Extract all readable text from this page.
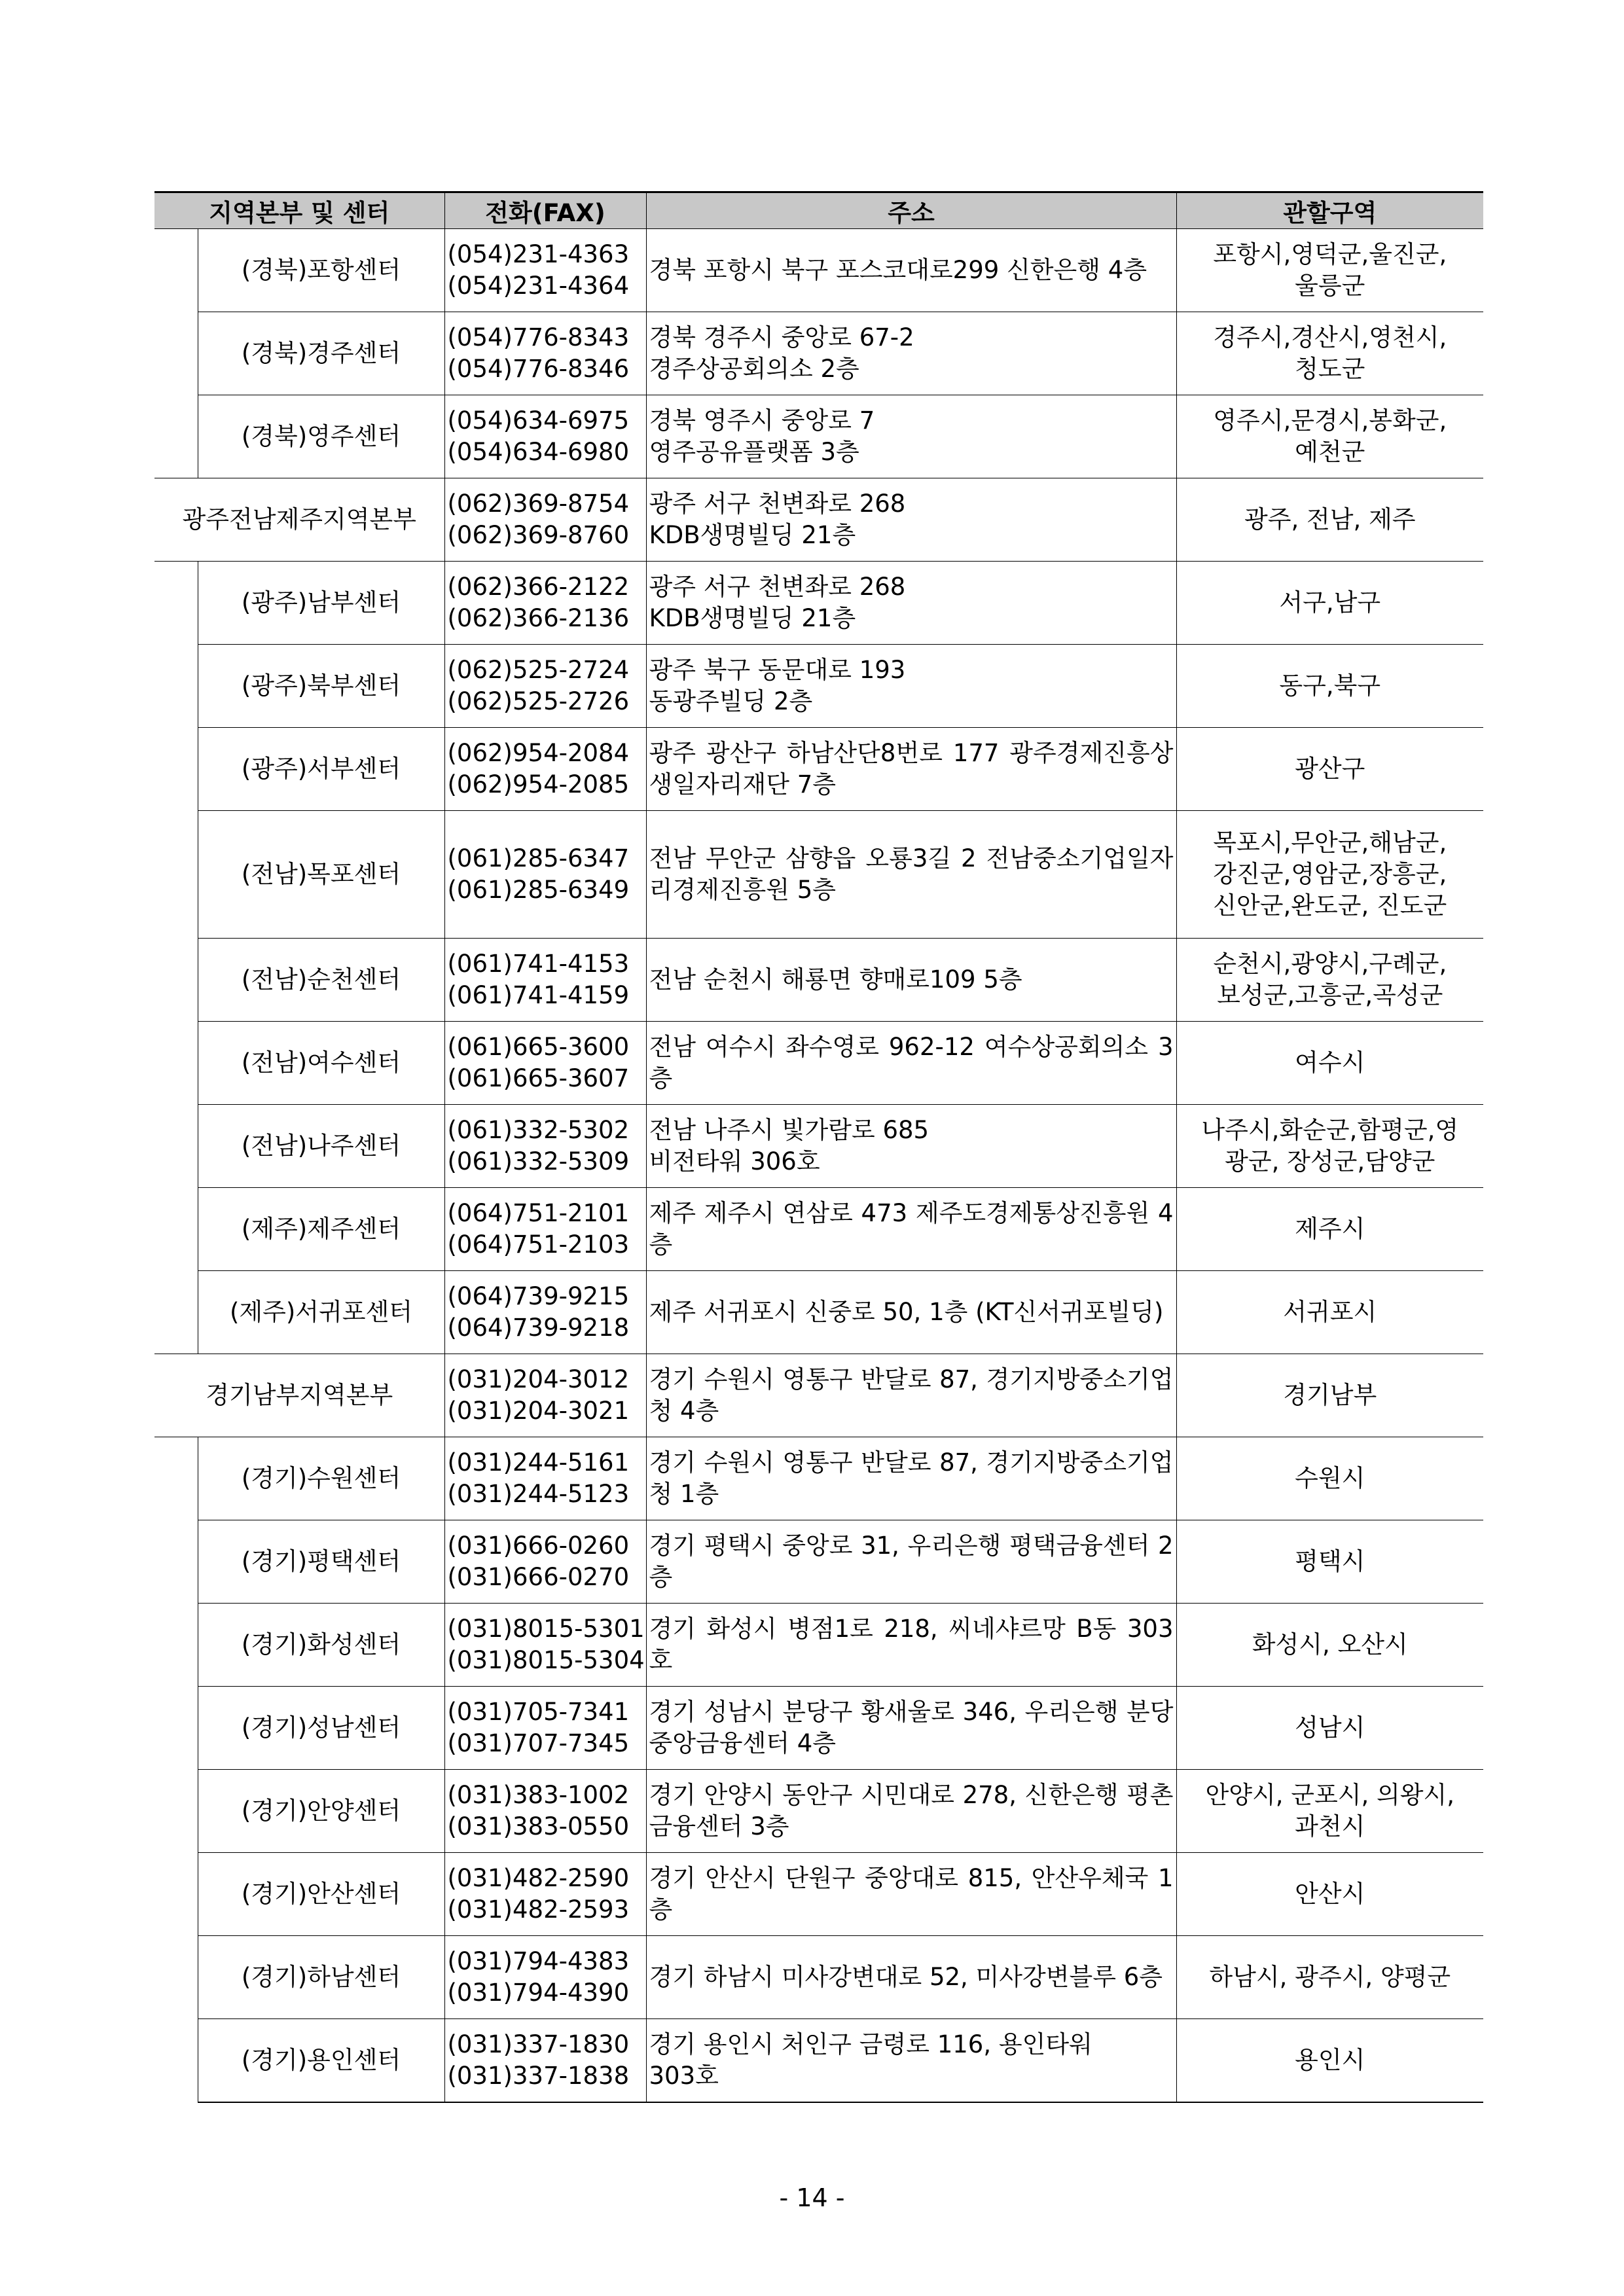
지역본부 및 센터		전화(FAX)	주소	관할구역
	(경북)포항센터	(054)231-4363
(054)231-4364	경북 포항시 북구 포스코대로299 신한은행 4층	포항시,영덕군,울진군,
울릉군

	(경북)경주센터	(054)776-8343
(054)776-8346	경북 경주시 중앙로 67-2
경주상공회의소 2층	경주시,경산시,영천시,
청도군

	(경북)영주센터	(054)634-6975
(054)634-6980	경북 영주시 중앙로 7
영주공유플랫폼 3층	영주시,문경시,봉화군,
예천군

광주전남제주지역본부		(062)369-8754
(062)369-8760	광주 서구 천변좌로 268
KDB생명빌딩 21층	광주, 전남, 제주

	(광주)남부센터	(062)366-2122
(062)366-2136	광주 서구 천변좌로 268
KDB생명빌딩 21층	서구,남구

	(광주)북부센터	(062)525-2724
(062)525-2726	광주 북구 동문대로 193
동광주빌딩 2층	동구,북구

	(광주)서부센터	(062)954-2084
(062)954-2085	광주 광산구 하남산단8번로 177 광주경제진흥상생일자리재단 7층	광산구

	(전남)목포센터	(061)285-6347
(061)285-6349	전남 무안군 삼향읍 오룡3길 2 전남중소기업일자리경제진흥원 5층	목포시,무안군,해남군,
강진군,영암군,장흥군,
신안군,완도군, 진도군

	(전남)순천센터	(061)741-4153
(061)741-4159	전남 순천시 해룡면 향매로109 5층	순천시,광양시,구례군,
보성군,고흥군,곡성군

	(전남)여수센터	(061)665-3600
(061)665-3607	전남 여수시 좌수영로 962-12 여수상공회의소 3층	여수시

	(전남)나주센터	(061)332-5302
(061)332-5309	전남 나주시 빛가람로 685
비전타워 306호	나주시,화순군,함평군,영
광군, 장성군,담양군

	(제주)제주센터	(064)751-2101
(064)751-2103	제주 제주시 연삼로 473 제주도경제통상진흥원 4층	제주시

	(제주)서귀포센터	(064)739-9215
(064)739-9218	제주 서귀포시 신중로 50, 1층 (KT신서귀포빌딩)	서귀포시

경기남부지역본부		(031)204-3012
(031)204-3021	경기 수원시 영통구 반달로 87, 경기지방중소기업청 4층	경기남부

	(경기)수원센터	(031)244-5161
(031)244-5123	경기 수원시 영통구 반달로 87, 경기지방중소기업청 1층	수원시

	(경기)평택센터	(031)666-0260
(031)666-0270	경기 평택시 중앙로 31, 우리은행 평택금융센터 2층	평택시

	(경기)화성센터	(031)8015-5301
(031)8015-5304	경기 화성시 병점1로 218, 씨네샤르망 B동 303호	화성시, 오산시

	(경기)성남센터	(031)705-7341
(031)707-7345	경기 성남시 분당구 황새울로 346, 우리은행 분당중앙금융센터 4층	성남시

	(경기)안양센터	(031)383-1002
(031)383-0550	경기 안양시 동안구 시민대로 278, 신한은행 평촌금융센터 3층	안양시, 군포시, 의왕시,
과천시

	(경기)안산센터	(031)482-2590
(031)482-2593	경기 안산시 단원구 중앙대로 815, 안산우체국 1층	안산시

	(경기)하남센터	(031)794-4383
(031)794-4390	경기 하남시 미사강변대로 52, 미사강변블루 6층	하남시, 광주시, 양평군

	(경기)용인센터	(031)337-1830
(031)337-1838	경기 용인시 처인구 금령로 116, 용인타워
303호	용인시
- 14 -
